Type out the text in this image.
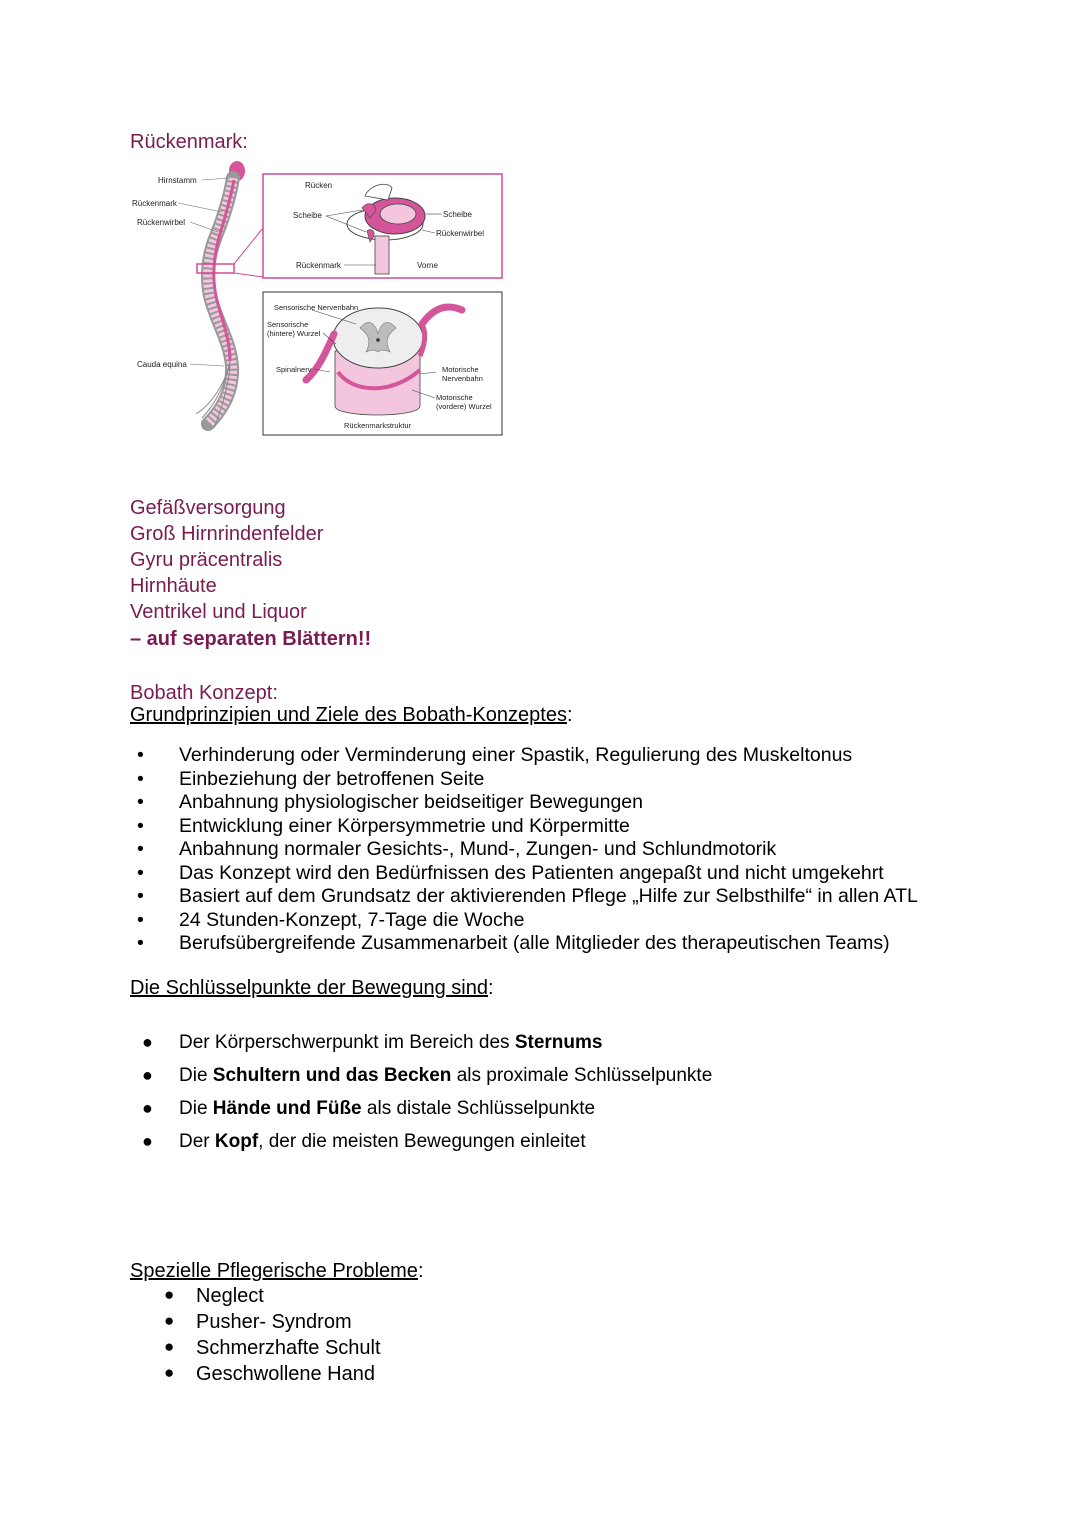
Rückenmark:
Hirnstamm
Rückenmark
Rückenwirbel
Cauda equina
Rücken
Scheibe	Scheibe
Rückenwirbel
Rückenmark	Vorne
Sensorische Nervenbahn
Sensorische
(hintere) Wurzel
Spinalnerv	Motorische
Nervenbahn
Motorische
(vordere) Wurzel
Rückenmarkstruktur
Gefäßversorgung
Groß Hirnrindenfelder
Gyru präcentralis
Hirnhäute
Ventrikel und Liquor
– auf separaten Blättern!!
Bobath Konzept:
Grundprinzipien und Ziele des Bobath-Konzeptes:
• Verhinderung oder Verminderung einer Spastik, Regulierung des Muskeltonus
• Einbeziehung der betroffenen Seite
• Anbahnung physiologischer beidseitiger Bewegungen
• Entwicklung einer Körpersymmetrie und Körpermitte
• Anbahnung normaler Gesichts-, Mund-, Zungen- und Schlundmotorik
• Das Konzept wird den Bedürfnissen des Patienten angepaßt und nicht umgekehrt
• Basiert auf dem Grundsatz der aktivierenden Pflege „Hilfe zur Selbsthilfe“ in allen ATL
• 24 Stunden-Konzept, 7-Tage die Woche
• Berufsübergreifende Zusammenarbeit (alle Mitglieder des therapeutischen Teams)
Die Schlüsselpunkte der Bewegung sind:
● Der Körperschwerpunkt im Bereich des Sternums
● Die Schultern und das Becken als proximale Schlüsselpunkte
● Die Hände und Füße als distale Schlüsselpunkte
● Der Kopf, der die meisten Bewegungen einleitet
Spezielle Pflegerische Probleme:
● Neglect
● Pusher- Syndrom
● Schmerzhafte Schult
● Geschwollene Hand
